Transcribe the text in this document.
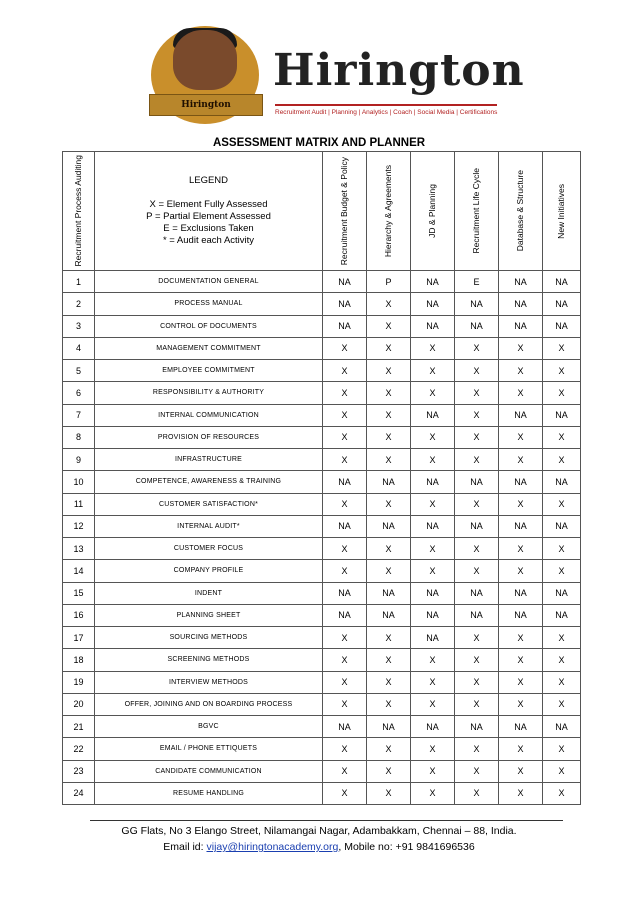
Hirington
Hirington
Recruitment Audit | Planning | Analytics | Coach | Social Media | Certifications
ASSESSMENT MATRIX AND PLANNER
Recruitment Process Auditing	LEGEND
X = Element Fully Assessed
P = Partial Element Assessed
E = Exclusions Taken
* = Audit each Activity	Recruitment Budget & Policy	Hierarchy & Agreements	JD & Planning	Recruitment Life Cycle	Database & Structure	New Initiatives

1	DOCUMENTATION GENERAL	NA	P	NA	E	NA	NA
2	PROCESS MANUAL	NA	X	NA	NA	NA	NA
3	CONTROL OF DOCUMENTS	NA	X	NA	NA	NA	NA
4	MANAGEMENT COMMITMENT	X	X	X	X	X	X
5	EMPLOYEE COMMITMENT	X	X	X	X	X	X
6	RESPONSIBILITY & AUTHORITY	X	X	X	X	X	X
7	INTERNAL COMMUNICATION	X	X	NA	X	NA	NA
8	PROVISION OF RESOURCES	X	X	X	X	X	X
9	INFRASTRUCTURE	X	X	X	X	X	X
10	COMPETENCE, AWARENESS & TRAINING	NA	NA	NA	NA	NA	NA
11	CUSTOMER SATISFACTION*	X	X	X	X	X	X
12	INTERNAL AUDIT*	NA	NA	NA	NA	NA	NA
13	CUSTOMER FOCUS	X	X	X	X	X	X
14	COMPANY PROFILE	X	X	X	X	X	X
15	INDENT	NA	NA	NA	NA	NA	NA
16	PLANNING SHEET	NA	NA	NA	NA	NA	NA
17	SOURCING METHODS	X	X	NA	X	X	X
18	SCREENING METHODS	X	X	X	X	X	X
19	INTERVIEW METHODS	X	X	X	X	X	X
20	OFFER, JOINING AND ON BOARDING PROCESS	X	X	X	X	X	X
21	BGVC	NA	NA	NA	NA	NA	NA
22	EMAIL / PHONE ETTIQUETS	X	X	X	X	X	X
23	CANDIDATE COMMUNICATION	X	X	X	X	X	X
24	RESUME HANDLING	X	X	X	X	X	X
GG Flats, No 3 Elango Street, Nilamangai Nagar, Adambakkam, Chennai – 88, India.
Email id: vijay@hiringtonacademy.org, Mobile no: +91 9841696536
